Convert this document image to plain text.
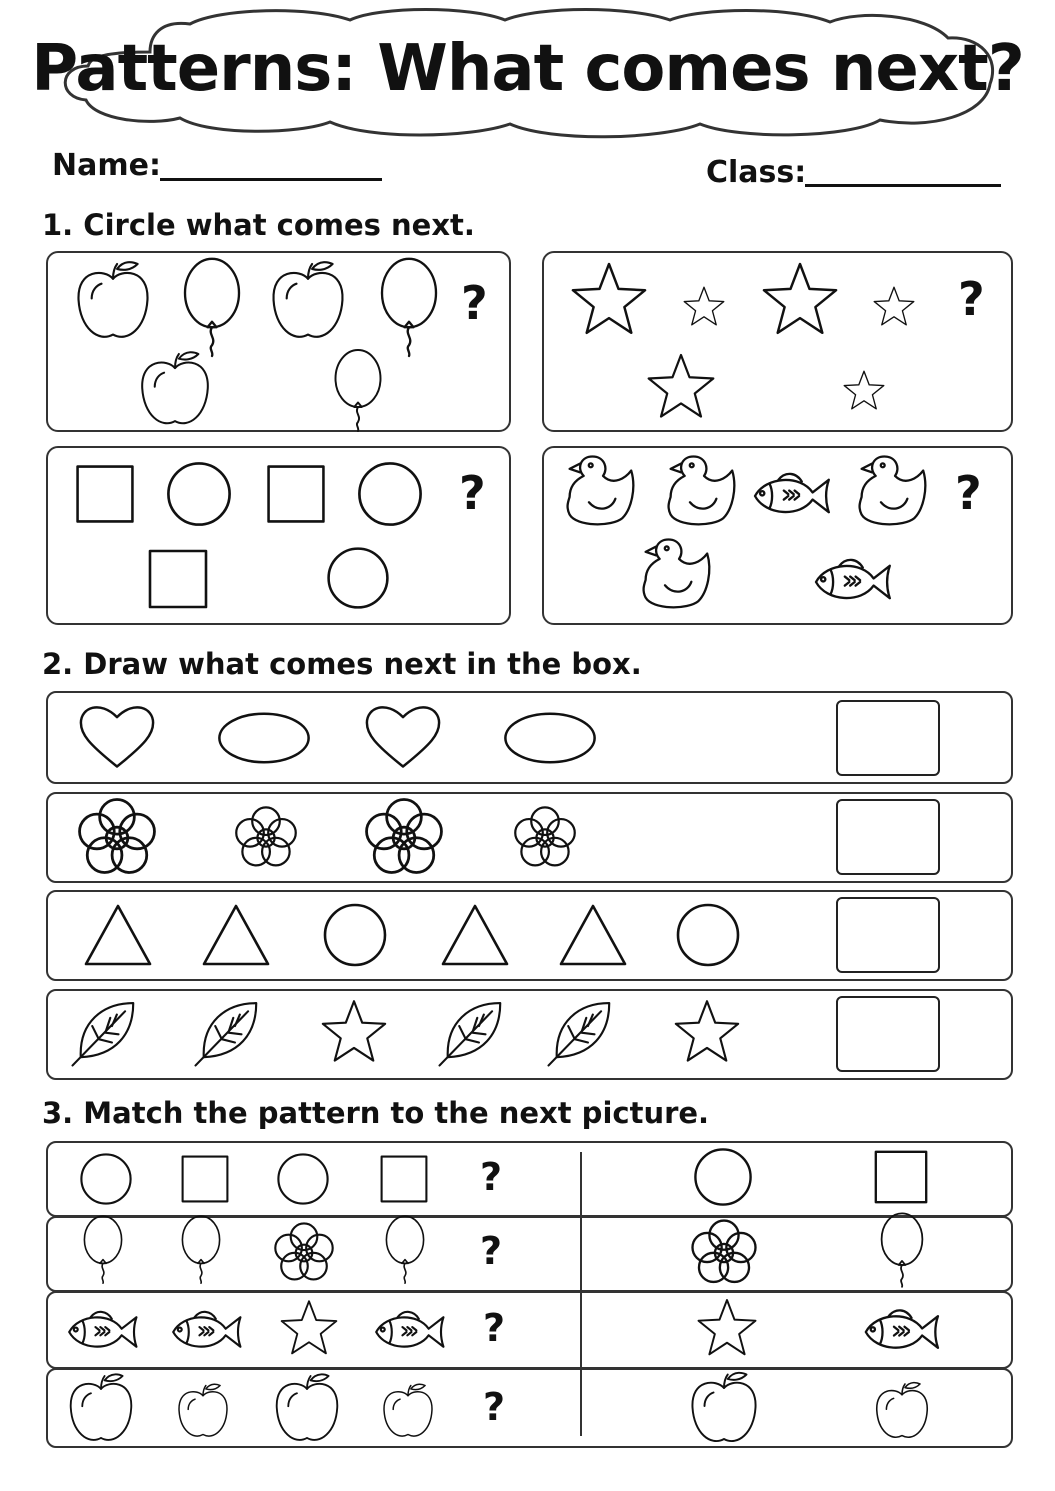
Patterns: What comes next?
Name:	Class:
1. Circle what comes next.
?	?
?	?
2. Draw what comes next in the box.
3. Match the pattern to the next picture.
?
?
?
?
